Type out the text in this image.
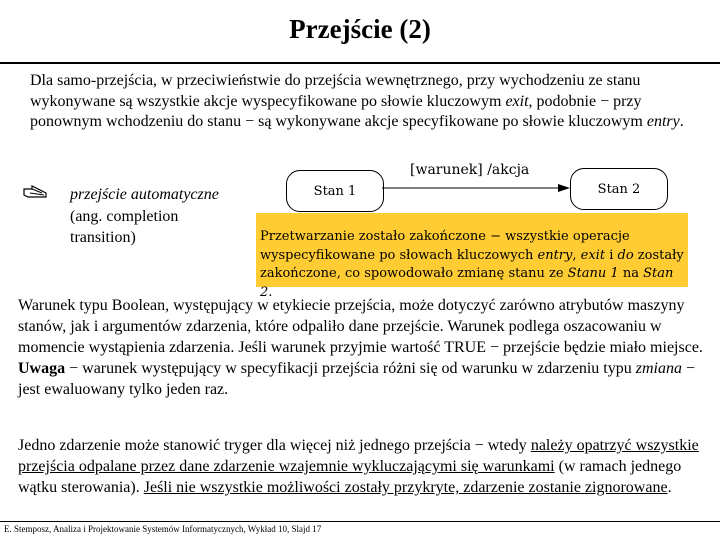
Przejście (2)
Dla samo-przejścia, w przeciwieństwie do przejścia wewnętrznego, przy wychodzeniu ze stanu wykonywane są wszystkie akcje wyspecyfikowane po słowie kluczowym exit, podobnie − przy ponownym wchodzeniu do stanu − są wykonywane akcje specyfikowane po słowie kluczowym entry.
przejście automatyczne
(ang. completion
transition)
[warunek] /akcja
Stan 1	Stan 2
Przetwarzanie zostało zakończone − wszystkie operacje wyspecyfikowane po słowach kluczowych entry, exit i do zostały zakończone, co spowodowało zmianę stanu ze Stanu 1 na Stan 2.
Warunek typu Boolean, występujący w etykiecie przejścia, może dotyczyć zarówno atrybutów maszyny stanów, jak i argumentów zdarzenia, które odpaliło dane przejście. Warunek podlega oszacowaniu w momencie wystąpienia zdarzenia. Jeśli warunek przyjmie wartość TRUE − przejście będzie miało miejsce. Uwaga − warunek występujący w specyfikacji przejścia różni się od warunku w zdarzeniu typu zmiana − jest ewaluowany tylko jeden raz.
Jedno zdarzenie może stanowić tryger dla więcej niż jednego przejścia − wtedy należy opatrzyć wszystkie przejścia odpalane przez dane zdarzenie wzajemnie wykluczającymi się warunkami (w ramach jednego wątku sterowania). Jeśli nie wszystkie możliwości zostały przykryte, zdarzenie zostanie zignorowane.
E. Stemposz, Analiza i Projektowanie Systemów Informatycznych, Wykład 10, Slajd 17
